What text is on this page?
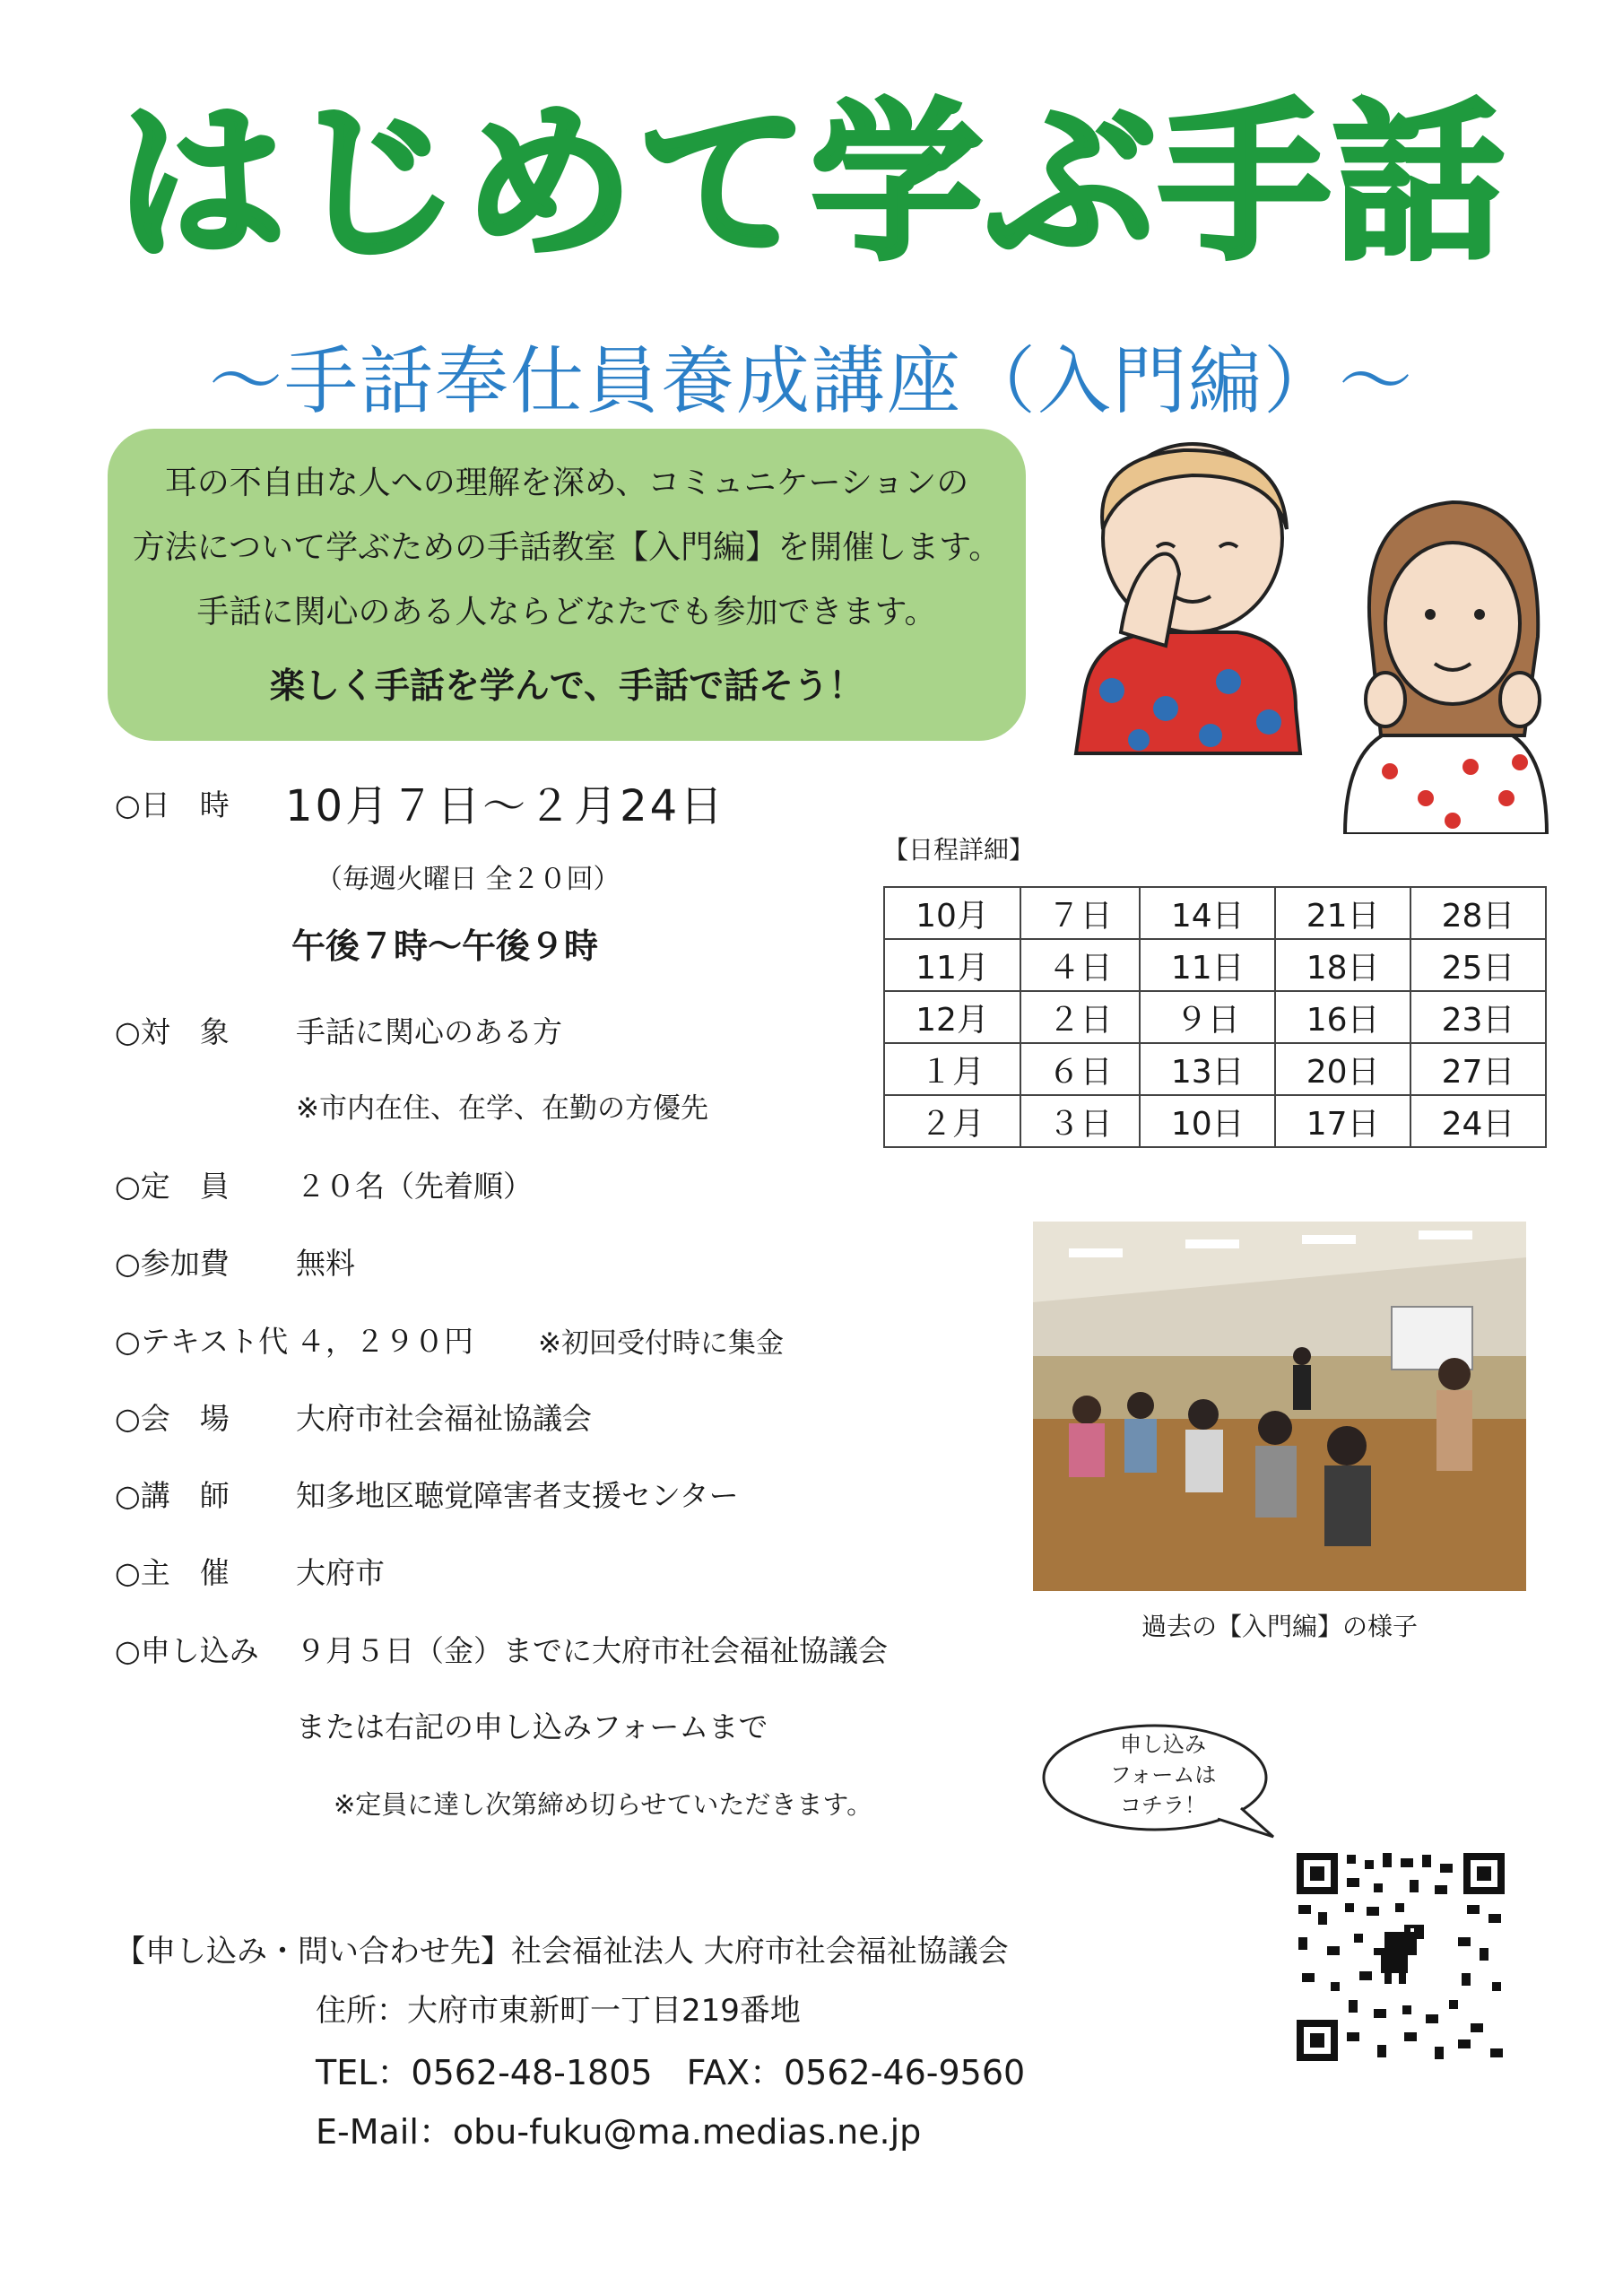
はじめて学ぶ手話
～手話奉仕員養成講座（入門編）～
耳の不自由な人への理解を深め、コミュニケーションの
方法について学ぶための手話教室【入門編】を開催します。
手話に関心のある人ならどなたでも参加できます。
楽しく手話を学んで、手話で話そう！
○日　時 10月７日～２月24日
（毎週火曜日 全２０回）
午後７時～午後９時
○対　象 手話に関心のある方
※市内在住、在学、在勤の方優先
○定　員 ２０名（先着順）
○参加費 無料
○テキスト代 ４，２９０円 ※初回受付時に集金
○会　場 大府市社会福祉協議会
○講　師 知多地区聴覚障害者支援センター
○主　催 大府市
○申し込み ９月５日（金）までに大府市社会福祉協議会
または右記の申し込みフォームまで
※定員に達し次第締め切らせていただきます。
【日程詳細】
10月	７日	14日	21日	28日
11月	４日	11日	18日	25日
12月	２日	９日	16日	23日
１月	６日	13日	20日	27日
２月	３日	10日	17日	24日
過去の【入門編】の様子
申し込み
フォームは
コチラ！
【申し込み・問い合わせ先】社会福祉法人 大府市社会福祉協議会
住所：大府市東新町一丁目219番地
TEL：0562-48-1805　FAX：0562-46-9560
E-Mail：obu-fuku@ma.medias.ne.jp
